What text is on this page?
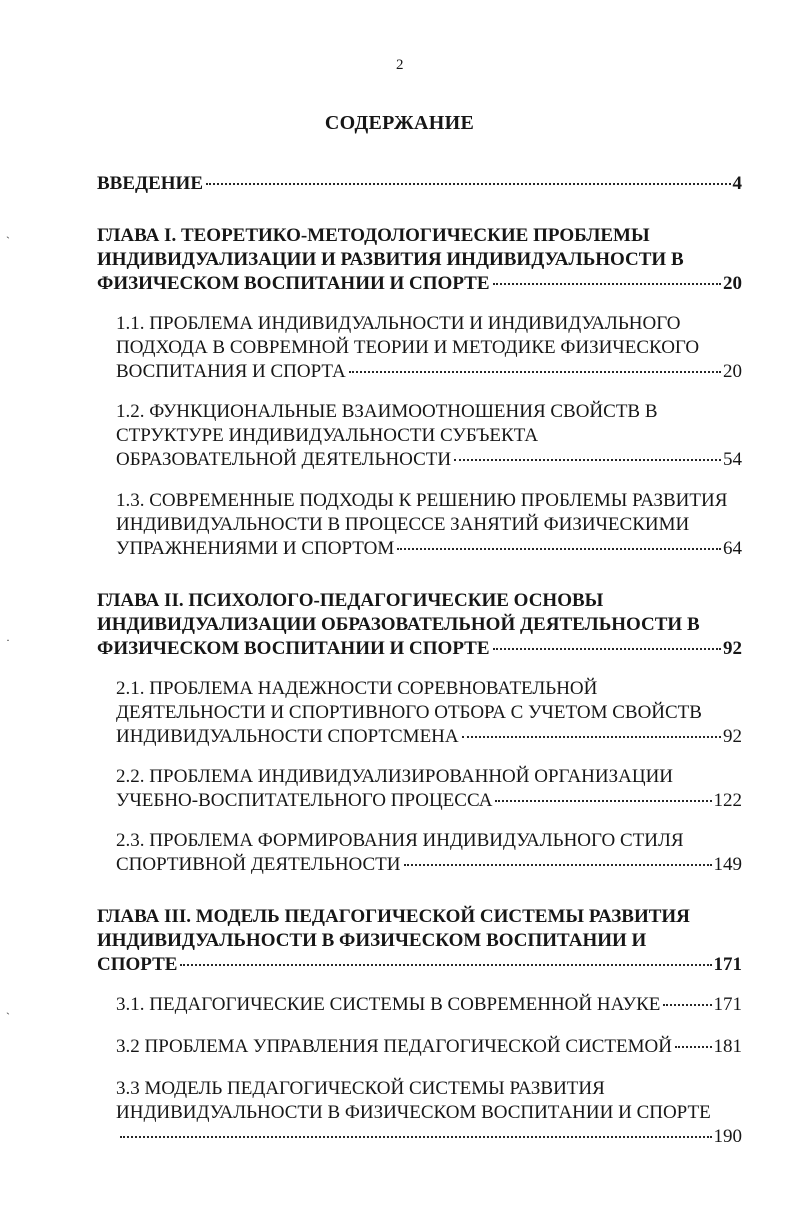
2
СОДЕРЖАНИЕ
ВВЕДЕНИЕ	4
ГЛАВА I. ТЕОРЕТИКО-МЕТОДОЛОГИЧЕСКИЕ ПРОБЛЕМЫ
ИНДИВИДУАЛИЗАЦИИ И РАЗВИТИЯ ИНДИВИДУАЛЬНОСТИ В
ФИЗИЧЕСКОМ ВОСПИТАНИИ И СПОРТЕ	20
1.1. ПРОБЛЕМА ИНДИВИДУАЛЬНОСТИ И ИНДИВИДУАЛЬНОГО
ПОДХОДА В СОВРЕМНОЙ ТЕОРИИ И МЕТОДИКЕ ФИЗИЧЕСКОГО
ВОСПИТАНИЯ И СПОРТА	20
1.2. ФУНКЦИОНАЛЬНЫЕ ВЗАИМООТНОШЕНИЯ СВОЙСТВ В
СТРУКТУРЕ ИНДИВИДУАЛЬНОСТИ СУБЪЕКТА
ОБРАЗОВАТЕЛЬНОЙ ДЕЯТЕЛЬНОСТИ	54
1.3. СОВРЕМЕННЫЕ ПОДХОДЫ К РЕШЕНИЮ ПРОБЛЕМЫ РАЗВИТИЯ
ИНДИВИДУАЛЬНОСТИ В ПРОЦЕССЕ ЗАНЯТИЙ ФИЗИЧЕСКИМИ
УПРАЖНЕНИЯМИ И СПОРТОМ	64
ГЛАВА II. ПСИХОЛОГО-ПЕДАГОГИЧЕСКИЕ ОСНОВЫ
ИНДИВИДУАЛИЗАЦИИ ОБРАЗОВАТЕЛЬНОЙ ДЕЯТЕЛЬНОСТИ В
ФИЗИЧЕСКОМ ВОСПИТАНИИ И СПОРТЕ	92
2.1. ПРОБЛЕМА НАДЕЖНОСТИ СОРЕВНОВАТЕЛЬНОЙ
ДЕЯТЕЛЬНОСТИ И СПОРТИВНОГО ОТБОРА С УЧЕТОМ СВОЙСТВ
ИНДИВИДУАЛЬНОСТИ СПОРТСМЕНА	92
2.2. ПРОБЛЕМА ИНДИВИДУАЛИЗИРОВАННОЙ ОРГАНИЗАЦИИ
УЧЕБНО-ВОСПИТАТЕЛЬНОГО ПРОЦЕССА	122
2.3. ПРОБЛЕМА ФОРМИРОВАНИЯ ИНДИВИДУАЛЬНОГО СТИЛЯ
СПОРТИВНОЙ ДЕЯТЕЛЬНОСТИ	149
ГЛАВА III. МОДЕЛЬ ПЕДАГОГИЧЕСКОЙ СИСТЕМЫ РАЗВИТИЯ
ИНДИВИДУАЛЬНОСТИ В ФИЗИЧЕСКОМ ВОСПИТАНИИ И
СПОРТЕ	171
3.1. ПЕДАГОГИЧЕСКИЕ СИСТЕМЫ В СОВРЕМЕННОЙ НАУКЕ	171
3.2 ПРОБЛЕМА УПРАВЛЕНИЯ ПЕДАГОГИЧЕСКОЙ СИСТЕМОЙ 181
3.3 МОДЕЛЬ ПЕДАГОГИЧЕСКОЙ СИСТЕМЫ РАЗВИТИЯ
ИНДИВИДУАЛЬНОСТИ В ФИЗИЧЕСКОМ ВОСПИТАНИИ И СПОРТЕ
190
`
·
`
